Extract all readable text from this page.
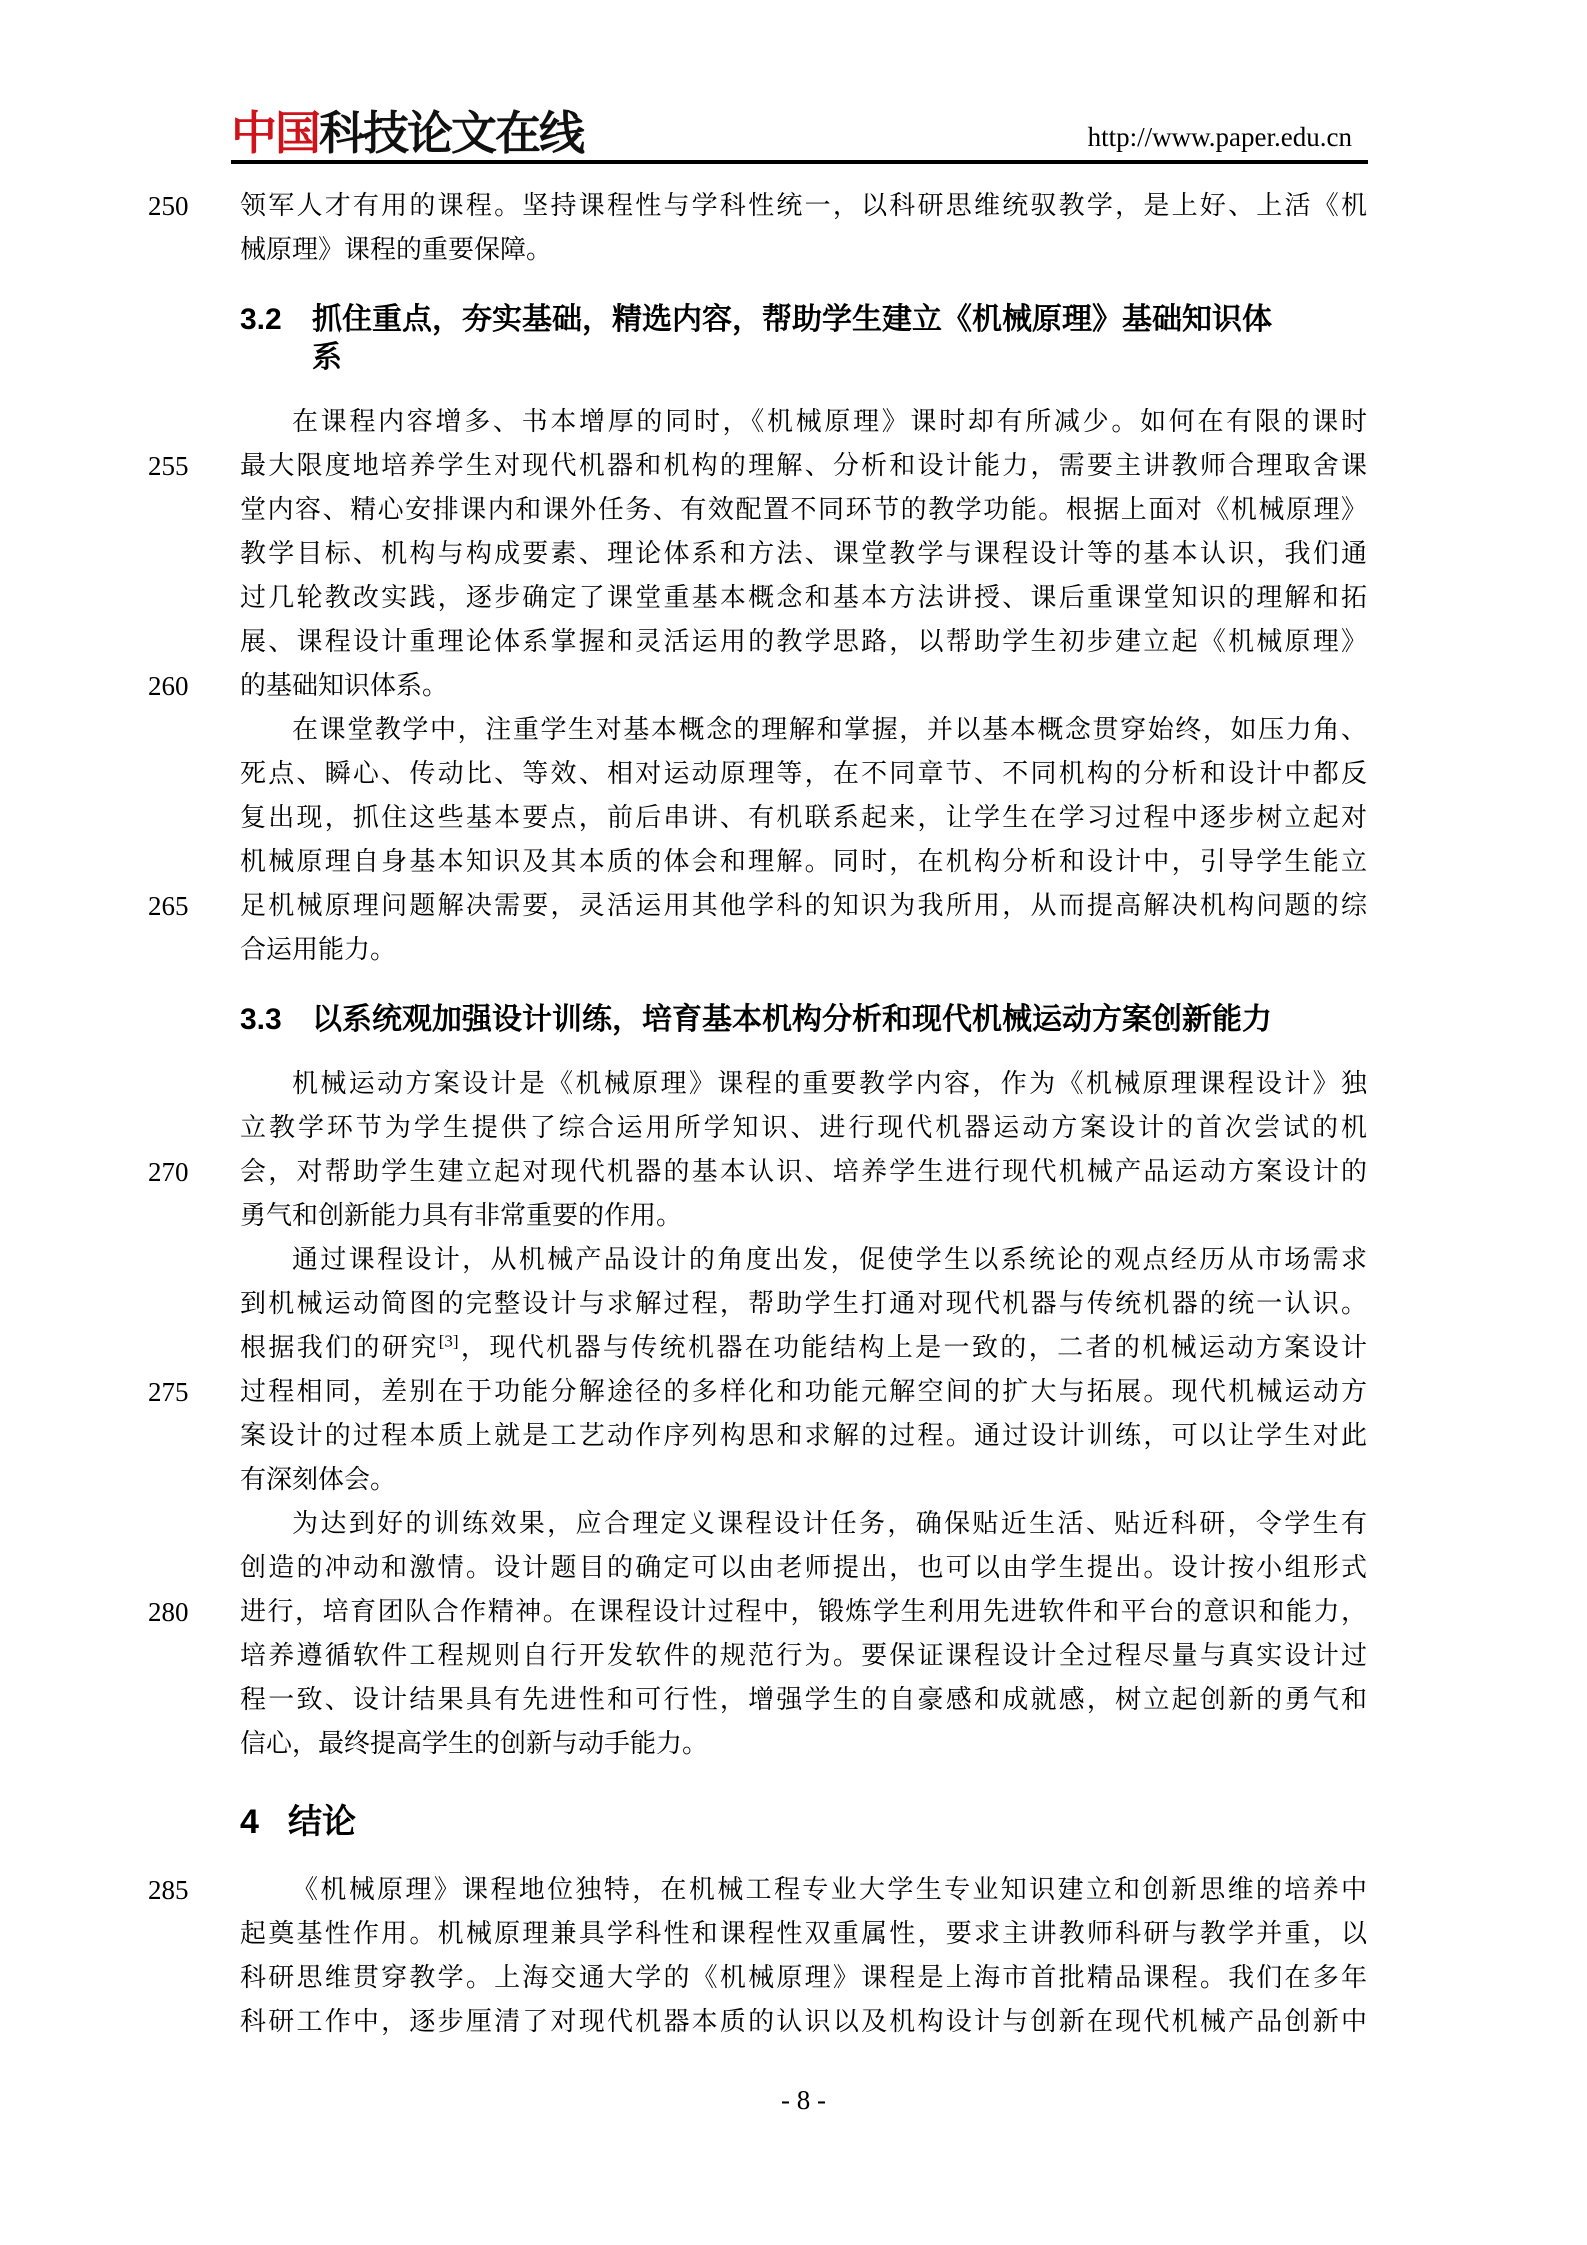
中国科技论文在线	http://www.paper.edu.cn
250	领军人才有用的课程。坚持课程性与学科性统一，以科研思维统驭教学，是上好、上活《机
械原理》课程的重要保障。
3.2 抓住重点，夯实基础，精选内容，帮助学生建立《机械原理》基础知识体
系
在课程内容增多、书本增厚的同时，《机械原理》课时却有所减少。如何在有限的课时
255	最大限度地培养学生对现代机器和机构的理解、分析和设计能力，需要主讲教师合理取舍课
堂内容、精心安排课内和课外任务、有效配置不同环节的教学功能。根据上面对《机械原理》
教学目标、机构与构成要素、理论体系和方法、课堂教学与课程设计等的基本认识，我们通
过几轮教改实践，逐步确定了课堂重基本概念和基本方法讲授、课后重课堂知识的理解和拓
展、课程设计重理论体系掌握和灵活运用的教学思路，以帮助学生初步建立起《机械原理》
260	的基础知识体系。
在课堂教学中，注重学生对基本概念的理解和掌握，并以基本概念贯穿始终，如压力角、
死点、瞬心、传动比、等效、相对运动原理等，在不同章节、不同机构的分析和设计中都反
复出现，抓住这些基本要点，前后串讲、有机联系起来，让学生在学习过程中逐步树立起对
机械原理自身基本知识及其本质的体会和理解。同时，在机构分析和设计中，引导学生能立
265	足机械原理问题解决需要，灵活运用其他学科的知识为我所用，从而提高解决机构问题的综
合运用能力。
3.3 以系统观加强设计训练，培育基本机构分析和现代机械运动方案创新能力
机械运动方案设计是《机械原理》课程的重要教学内容，作为《机械原理课程设计》独
立教学环节为学生提供了综合运用所学知识、进行现代机器运动方案设计的首次尝试的机
270	会，对帮助学生建立起对现代机器的基本认识、培养学生进行现代机械产品运动方案设计的
勇气和创新能力具有非常重要的作用。
通过课程设计，从机械产品设计的角度出发，促使学生以系统论的观点经历从市场需求
到机械运动简图的完整设计与求解过程，帮助学生打通对现代机器与传统机器的统一认识。
根据我们的研究[3]，现代机器与传统机器在功能结构上是一致的，二者的机械运动方案设计
275	过程相同，差别在于功能分解途径的多样化和功能元解空间的扩大与拓展。现代机械运动方
案设计的过程本质上就是工艺动作序列构思和求解的过程。通过设计训练，可以让学生对此
有深刻体会。
为达到好的训练效果，应合理定义课程设计任务，确保贴近生活、贴近科研，令学生有
创造的冲动和激情。设计题目的确定可以由老师提出，也可以由学生提出。设计按小组形式
280	进行，培育团队合作精神。在课程设计过程中，锻炼学生利用先进软件和平台的意识和能力，
培养遵循软件工程规则自行开发软件的规范行为。要保证课程设计全过程尽量与真实设计过
程一致、设计结果具有先进性和可行性，增强学生的自豪感和成就感，树立起创新的勇气和
信心，最终提高学生的创新与动手能力。
4 结论
285	《机械原理》课程地位独特，在机械工程专业大学生专业知识建立和创新思维的培养中
起奠基性作用。机械原理兼具学科性和课程性双重属性，要求主讲教师科研与教学并重，以
科研思维贯穿教学。上海交通大学的《机械原理》课程是上海市首批精品课程。我们在多年
科研工作中，逐步厘清了对现代机器本质的认识以及机构设计与创新在现代机械产品创新中
- 8 -
